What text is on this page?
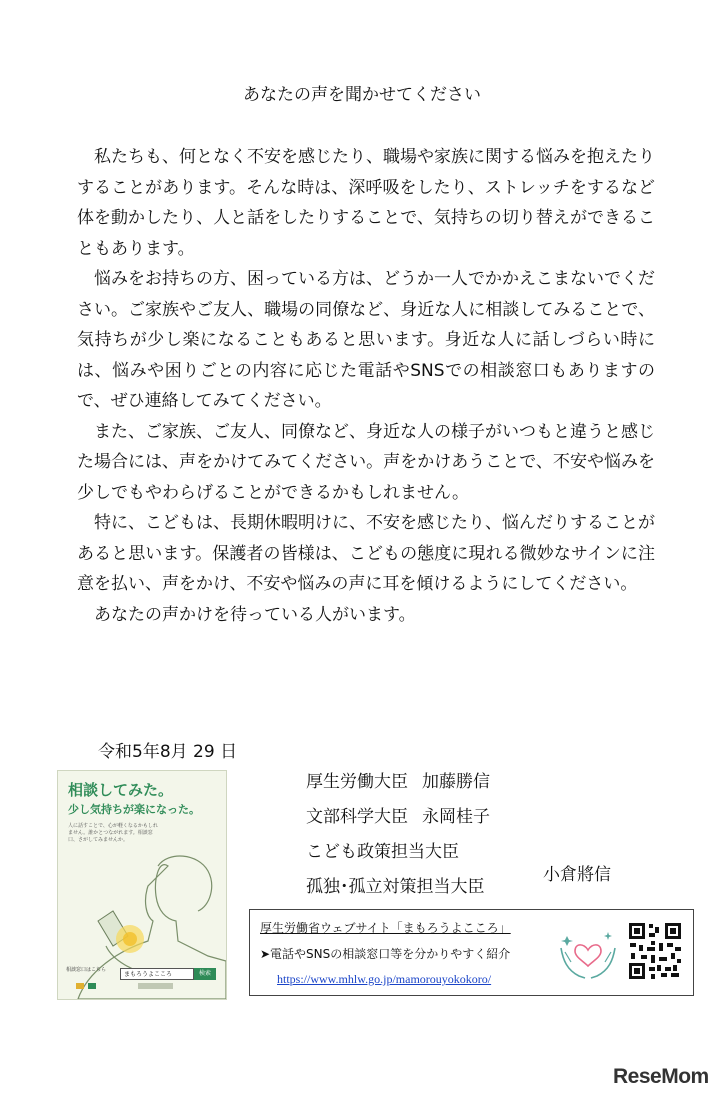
あなたの声を聞かせてください

私たちも、何となく不安を感じたり、職場や家族に関する悩みを抱えたりすることがあります。そんな時は、深呼吸をしたり、ストレッチをするなど体を動かしたり、人と話をしたりすることで、気持ちの切り替えができることもあります。

悩みをお持ちの方、困っている方は、どうか一人でかかえこまないでください。ご家族やご友人、職場の同僚など、身近な人に相談してみることで、気持ちが少し楽になることもあると思います。身近な人に話しづらい時には、悩みや困りごとの内容に応じた電話やSNSでの相談窓口もありますので、ぜひ連絡してみてください。

また、ご家族、ご友人、同僚など、身近な人の様子がいつもと違うと感じた場合には、声をかけてみてください。声をかけあうことで、不安や悩みを少しでもやわらげることができるかもしれません。

特に、こどもは、長期休暇明けに、不安を感じたり、悩んだりすることがあると思います。保護者の皆様は、こどもの態度に現れる微妙なサインに注意を払い、声をかけ、不安や悩みの声に耳を傾けるようにしてください。

あなたの声かけを待っている人がいます。

令和5年8月 29 日
厚生労働大臣 加藤勝信
文部科学大臣 永岡桂子
こども政策担当大臣
孤独･孤立対策担当大臣
小倉將信
相談してみた。
少し気持ちが楽になった。
人に話すことで、心が軽くなるかもしれません。誰かとつながれます。相談窓口、さがしてみませんか。
相談窓口はこちら
まもろうよこころ	検索
厚生労働省ウェブサイト「まもろうよこころ」
➤電話やSNSの相談窓口等を分かりやすく紹介
https://www.mhlw.go.jp/mamorouyokokoro/
ReseMom
